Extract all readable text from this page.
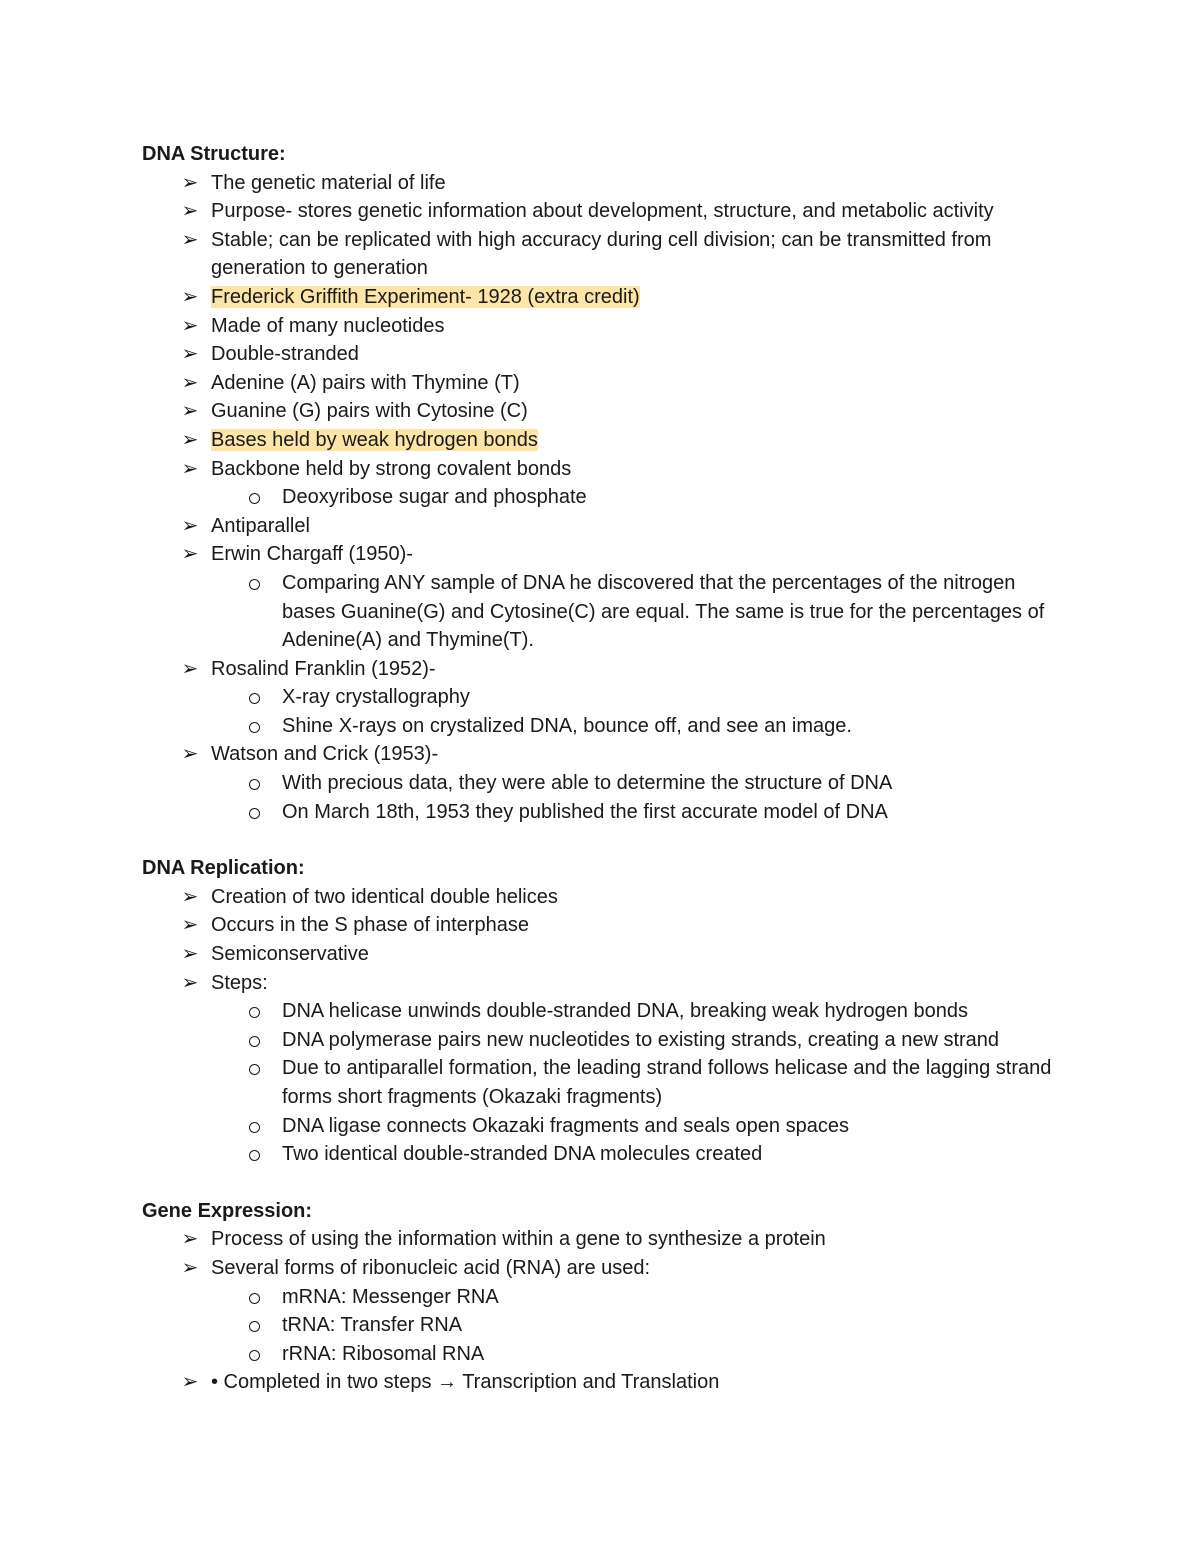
DNA Structure:
➢ The genetic material of life
➢ Purpose- stores genetic information about development, structure, and metabolic activity
➢ Stable; can be replicated with high accuracy during cell division; can be transmitted from generation to generation
➢ Frederick Griffith Experiment- 1928 (extra credit)
➢ Made of many nucleotides
➢ Double-stranded
➢ Adenine (A) pairs with Thymine (T)
➢ Guanine (G) pairs with Cytosine (C)
➢ Bases held by weak hydrogen bonds
➢ Backbone held by strong covalent bonds
Deoxyribose sugar and phosphate
➢ Antiparallel
➢ Erwin Chargaff (1950)-
Comparing ANY sample of DNA he discovered that the percentages of the nitrogen bases Guanine(G) and Cytosine(C) are equal. The same is true for the percentages of Adenine(A) and Thymine(T).
➢ Rosalind Franklin (1952)-
X-ray crystallography
Shine X-rays on crystalized DNA, bounce off, and see an image.
➢ Watson and Crick (1953)-
With precious data, they were able to determine the structure of DNA
On March 18th, 1953 they published the first accurate model of DNA
DNA Replication:
➢ Creation of two identical double helices
➢ Occurs in the S phase of interphase
➢ Semiconservative
➢ Steps:
DNA helicase unwinds double-stranded DNA, breaking weak hydrogen bonds
DNA polymerase pairs new nucleotides to existing strands, creating a new strand
Due to antiparallel formation, the leading strand follows helicase and the lagging strand forms short fragments (Okazaki fragments)
DNA ligase connects Okazaki fragments and seals open spaces
Two identical double-stranded DNA molecules created
Gene Expression:
➢ Process of using the information within a gene to synthesize a protein
➢ Several forms of ribonucleic acid (RNA) are used:
mRNA: Messenger RNA
tRNA: Transfer RNA
rRNA: Ribosomal RNA
➢ • Completed in two steps → Transcription and Translation
